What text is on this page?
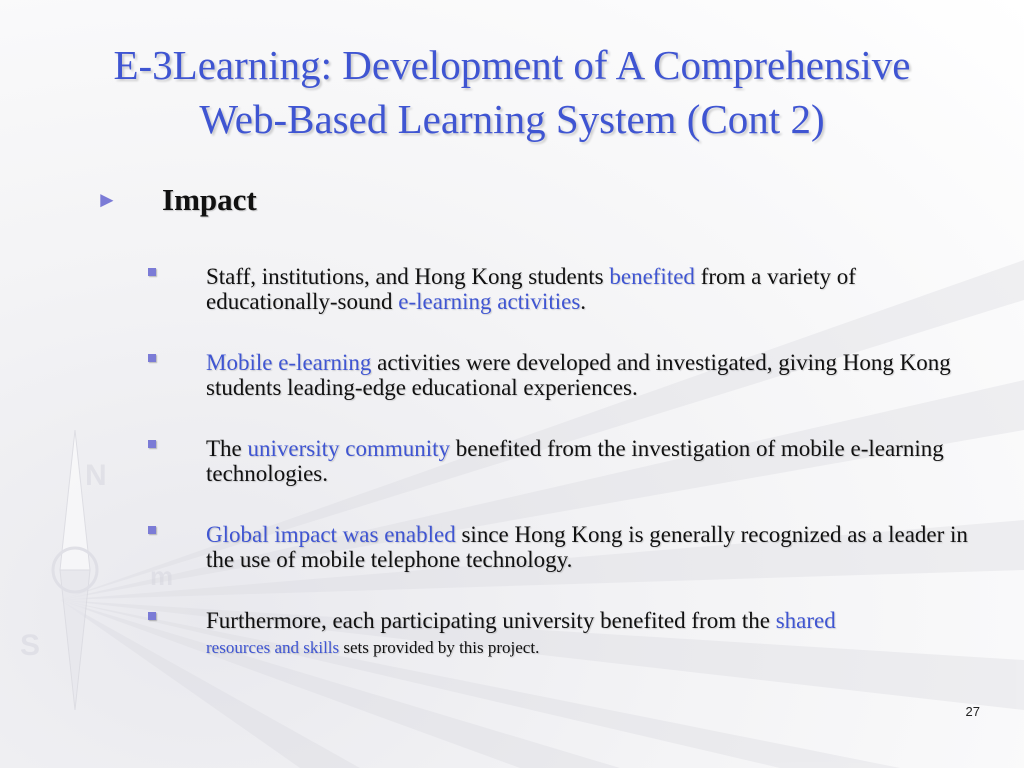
N
S
m
E-3Learning: Development of A Comprehensive
Web-Based Learning System (Cont 2)
►	Impact
Staff, institutions, and Hong Kong students benefited from a variety of educationally-sound e-learning activities.
Mobile e-learning activities were developed and investigated, giving Hong Kong students leading-edge educational experiences.
The university community benefited from the investigation of mobile e-learning technologies.
Global impact was enabled since Hong Kong is generally recognized as a leader in the use of mobile telephone technology.
Furthermore, each participating university benefited from the shared
resources and skills sets provided by this project.
27
